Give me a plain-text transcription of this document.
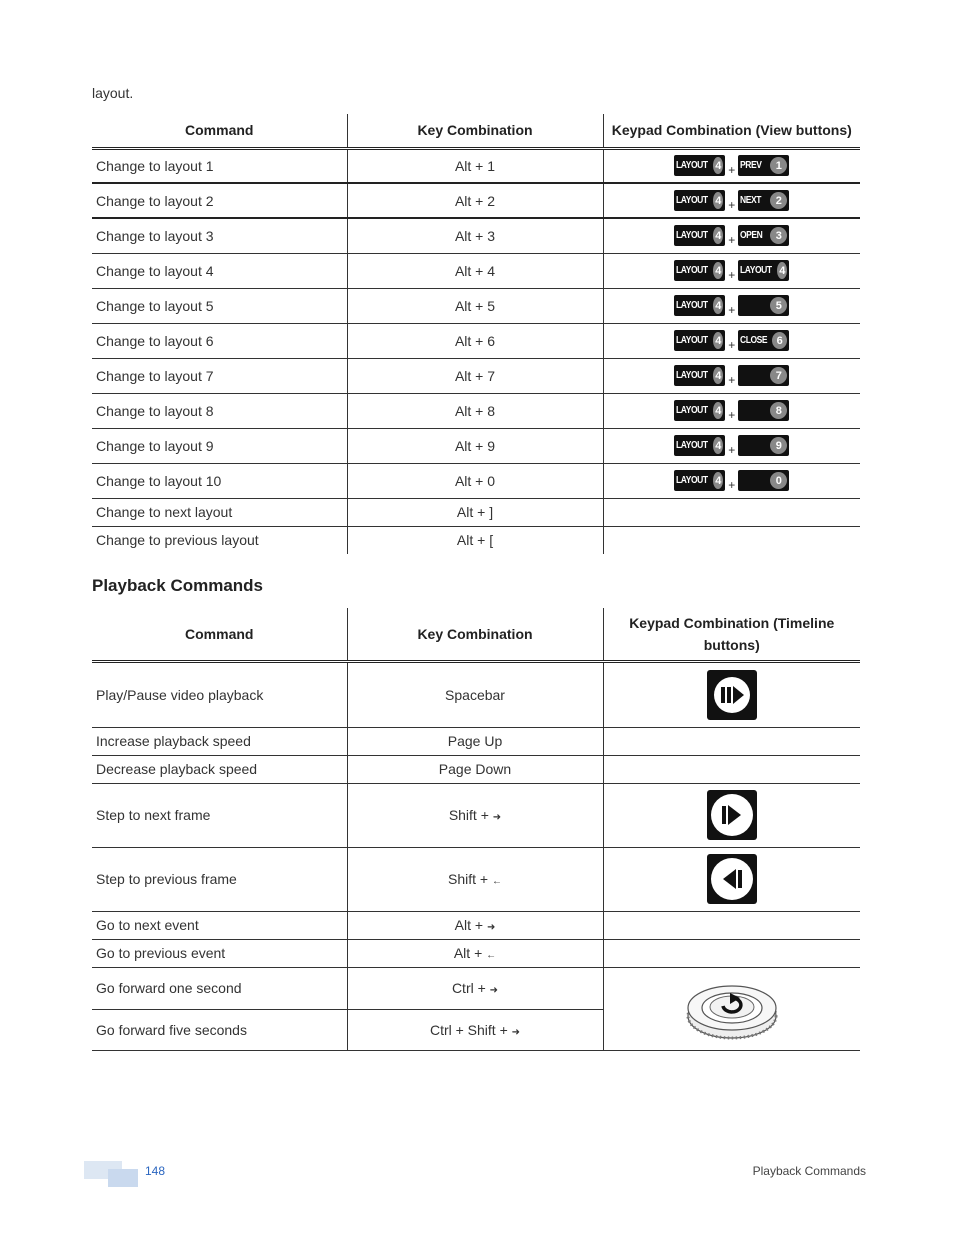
layout.
Command	Key Combination	Keypad Combination (View buttons)
Change to layout 1	Alt + 1	LAYOUT 4 + PREV 1

Change to layout 2	Alt + 2	LAYOUT 4 + NEXT 2

Change to layout 3	Alt + 3	LAYOUT 4 + OPEN 3

Change to layout 4	Alt + 4	LAYOUT 4 + LAYOUT 4

Change to layout 5	Alt + 5	LAYOUT 4 + 5

Change to layout 6	Alt + 6	LAYOUT 4 + CLOSE 6

Change to layout 7	Alt + 7	LAYOUT 4 + 7

Change to layout 8	Alt + 8	LAYOUT 4 + 8

Change to layout 9	Alt + 9	LAYOUT 4 + 9

Change to layout 10	Alt + 0	LAYOUT 4 + 0

Change to next layout	Alt + ]	
Change to previous layout	Alt + [	
Playback Commands
Command	Key Combination	Keypad Combination (Timeline buttons)
Play/Pause video playback	Spacebar	

Increase playback speed	Page Up	
Decrease playback speed	Page Down	
Step to next frame	Shift + ➜	

Step to previous frame	Shift + ←	

Go to next event	Alt + ➜	
Go to previous event	Alt + ←	
Go forward one second	Ctrl + ➜	

Go forward five seconds	Ctrl + Shift + ➜	
148	Playback Commands
